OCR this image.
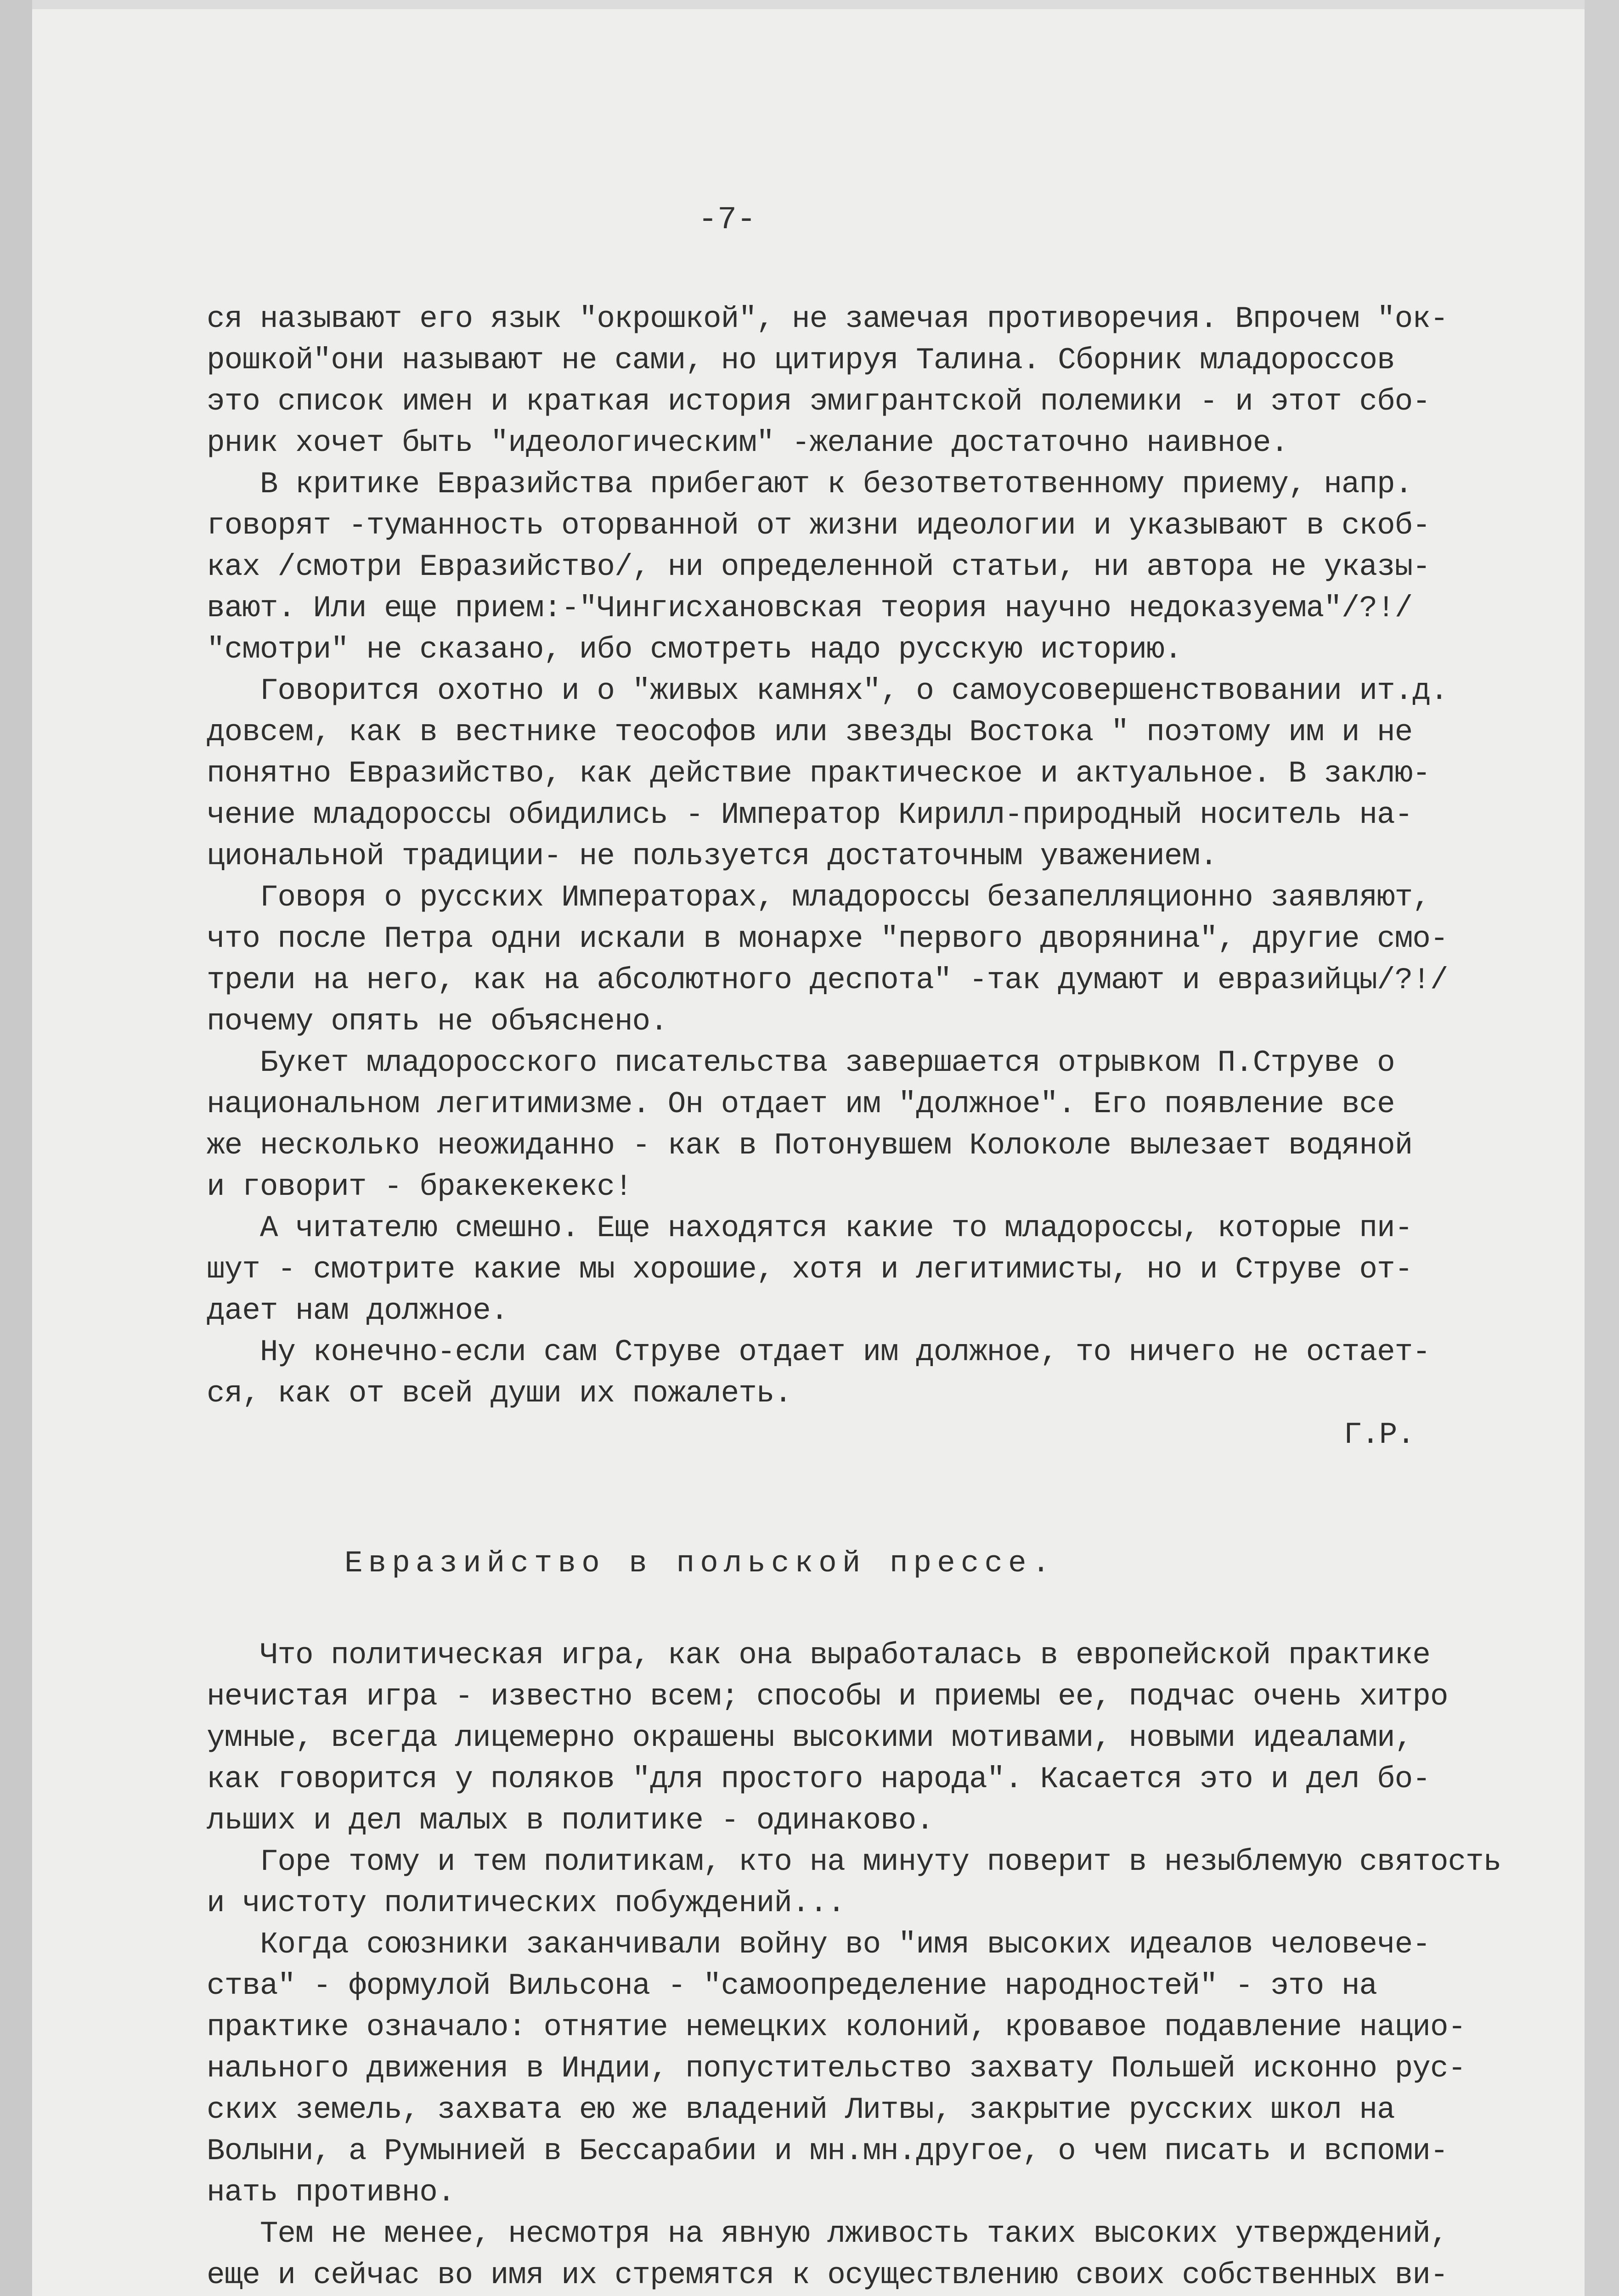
-7-
ся называют его язык "окрошкой", не замечая противоречия. Впрочем "ок-
рошкой"они называют не сами, но цитируя Талина. Сборник младороссов
это список имен и краткая история эмигрантской полемики - и этот сбо-
рник хочет быть "идеологическим" -желание достаточно наивное.
В критике Евразийства прибегают к безответотвенному приему, напр.
говорят -туманность оторванной от жизни идеологии и указывают в скоб-
ках /смотри Евразийство/, ни определенной статьи, ни автора не указы-
вают. Или еще прием:-"Чингисхановская теория научно недоказуема"/?!/
"смотри" не сказано, ибо смотреть надо русскую историю.
Говорится охотно и о "живых камнях", о самоусовершенствовании ит.д.
довсем, как в вестнике теософов или звезды Востока " поэтому им и не
понятно Евразийство, как действие практическое и актуальное. В заклю-
чение младороссы обидились - Император Кирилл-природный носитель на-
циональной традиции- не пользуется достаточным уважением.
Говоря о русских Императорах, младороссы безапелляционно заявляют,
что после Петра одни искали в монархе "первого дворянина", другие смо-
трели на него, как на абсолютного деспота" -так думают и евразийцы/?!/
почему опять не объяснено.
Букет младоросского писательства завершается отрывком П.Струве о
национальном легитимизме. Он отдает им "должное". Его появление все
же несколько неожиданно - как в Потонувшем Колоколе вылезает водяной
и говорит - бракекекекс!
А читателю смешно. Еще находятся какие то младороссы, которые пи-
шут - смотрите какие мы хорошие, хотя и легитимисты, но и Струве от-
дает нам должное.
Ну конечно-если сам Струве отдает им должное, то ничего не остает-
ся, как от всей души их пожалеть.
Г.Р.
Евразийство в польской прессе.
Что политическая игра, как она выработалась в европейской практике
нечистая игра - известно всем; способы и приемы ее, подчас очень хитро
умные, всегда лицемерно окрашены высокими мотивами, новыми идеалами,
как говорится у поляков "для простого народа". Касается это и дел бо-
льших и дел малых в политике - одинаково.
Горе тому и тем политикам, кто на минуту поверит в незыблемую святость
и чистоту политических побуждений...
Когда союзники заканчивали войну во "имя высоких идеалов человече-
ства" - формулой Вильсона - "самоопределение народностей" - это на
практике означало: отнятие немецких колоний, кровавое подавление нацио-
нального движения в Индии, попустительство захвату Польшей исконно рус-
ских земель, захвата ею же владений Литвы, закрытие русских школ на
Волыни, а Румынией в Бессарабии и мн.мн.другое, о чем писать и вспоми-
нать противно.
Тем не менее, несмотря на явную лживость таких высоких утверждений,
еще и сейчас во имя их стремятся к осуществлению своих собственных ви-
